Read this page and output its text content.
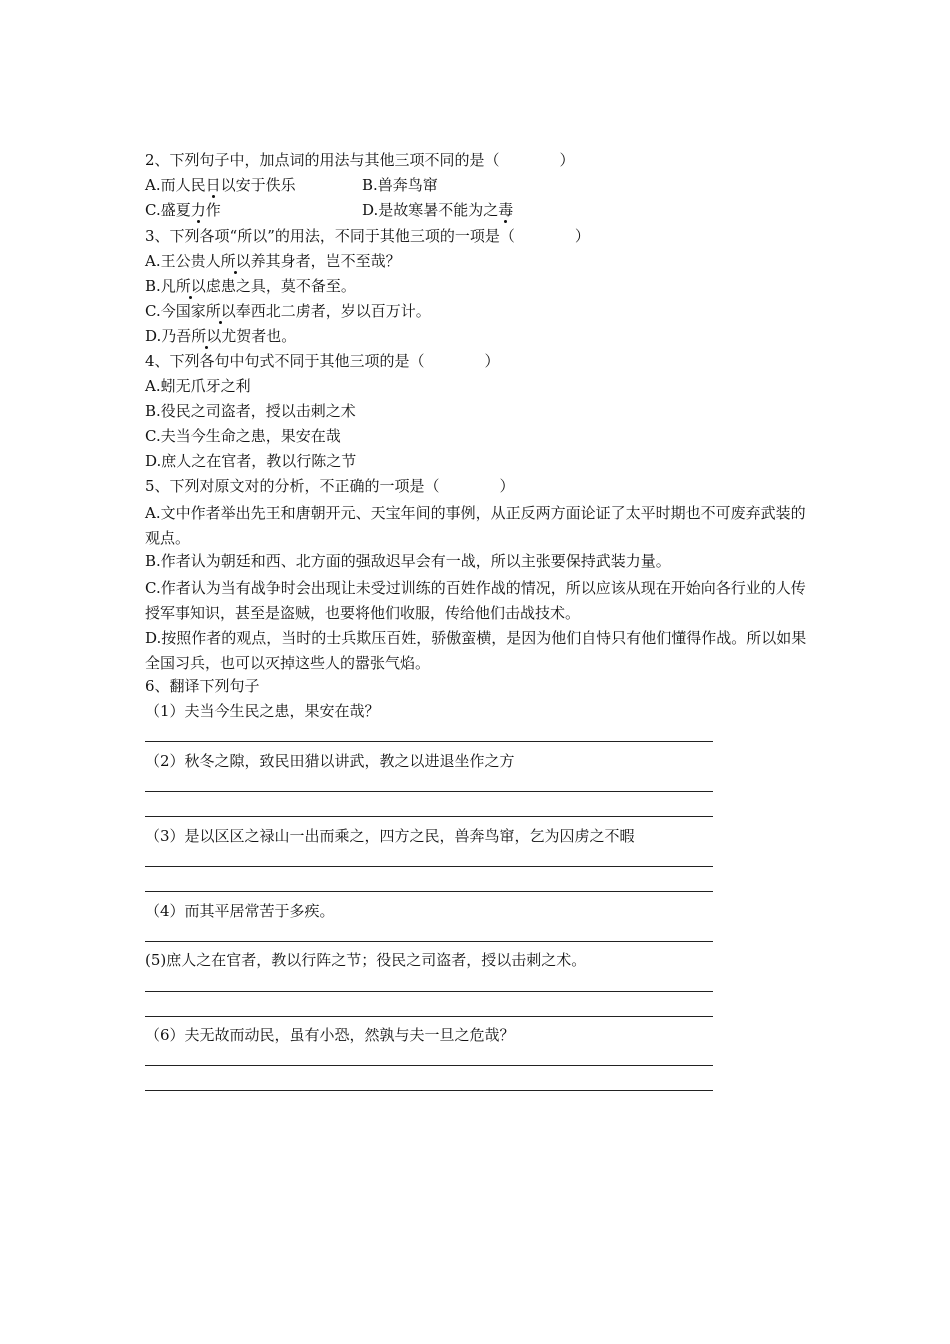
2、下列句子中，加点词的用法与其他三项不同的是（　　　　）
A.而人民日以安于佚乐	B.兽奔鸟窜
C.盛夏力作	D.是故寒暑不能为之毒
3、下列各项“所以”的用法，不同于其他三项的一项是（　　　　）
A.王公贵人所以养其身者，岂不至哉？
B.凡所以虑患之具，莫不备至。
C.今国家所以奉西北二虏者，岁以百万计。
D.乃吾所以尤贺者也。
4、下列各句中句式不同于其他三项的是（　　　　）
A.蚓无爪牙之利
B.役民之司盗者，授以击刺之术
C.夫当今生命之患，果安在哉
D.庶人之在官者，教以行陈之节
5、下列对原文对的分析，不正确的一项是（　　　　）
A.文中作者举出先王和唐朝开元、天宝年间的事例，从正反两方面论证了太平时期也不可废弃武装的观点。
B.作者认为朝廷和西、北方面的强敌迟早会有一战，所以主张要保持武装力量。
C.作者认为当有战争时会出现让未受过训练的百姓作战的情况，所以应该从现在开始向各行业的人传授军事知识，甚至是盗贼，也要将他们收服，传给他们击战技术。
D.按照作者的观点，当时的士兵欺压百姓，骄傲蛮横，是因为他们自恃只有他们懂得作战。所以如果全国习兵，也可以灭掉这些人的嚣张气焰。
6、翻译下列句子
（1）夫当今生民之患，果安在哉？
（2）秋冬之隙，致民田猎以讲武，教之以进退坐作之方
（3）是以区区之禄山一出而乘之，四方之民，兽奔鸟窜，乞为囚虏之不暇
（4）而其平居常苦于多疾。
(5)庶人之在官者，教以行阵之节；役民之司盗者，授以击刺之术。
（6）夫无故而动民，虽有小恐，然孰与夫一旦之危哉？
